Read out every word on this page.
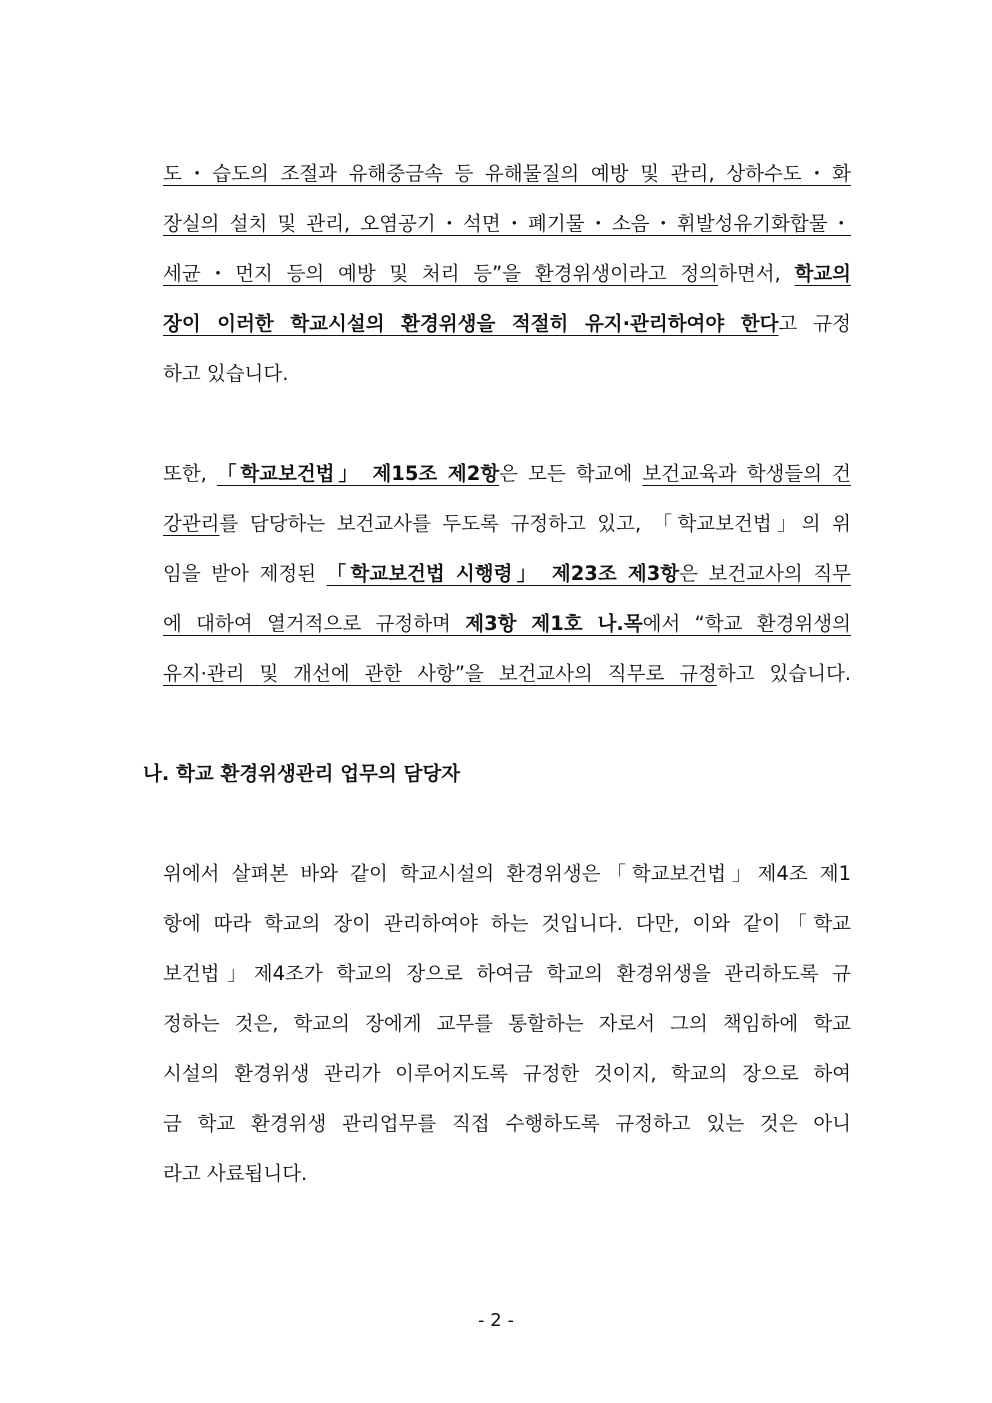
도・습도의 조절과 유해중금속 등 유해물질의 예방 및 관리, 상하수도・화
장실의 설치 및 관리, 오염공기・석면・폐기물・소음・휘발성유기화합물・
세균・먼지 등의 예방 및 처리 등”을 환경위생이라고 정의하면서, 학교의
장이 이러한 학교시설의 환경위생을 적절히 유지·관리하여야 한다고 규정
하고 있습니다.
또한, 「학교보건법」 제15조 제2항은 모든 학교에 보건교육과 학생들의 건
강관리를 담당하는 보건교사를 두도록 규정하고 있고, 「학교보건법」의 위
임을 받아 제정된 「학교보건법 시행령」 제23조 제3항은 보건교사의 직무
에 대하여 열거적으로 규정하며 제3항 제1호 나.목에서 “학교 환경위생의
유지·관리 및 개선에 관한 사항”을 보건교사의 직무로 규정하고 있습니다.
나. 학교 환경위생관리 업무의 담당자
위에서 살펴본 바와 같이 학교시설의 환경위생은「학교보건법」제4조 제1
항에 따라 학교의 장이 관리하여야 하는 것입니다. 다만, 이와 같이「학교
보건법」제4조가 학교의 장으로 하여금 학교의 환경위생을 관리하도록 규
정하는 것은, 학교의 장에게 교무를 통할하는 자로서 그의 책임하에 학교
시설의 환경위생 관리가 이루어지도록 규정한 것이지, 학교의 장으로 하여
금 학교 환경위생 관리업무를 직접 수행하도록 규정하고 있는 것은 아니
라고 사료됩니다.
- 2 -
